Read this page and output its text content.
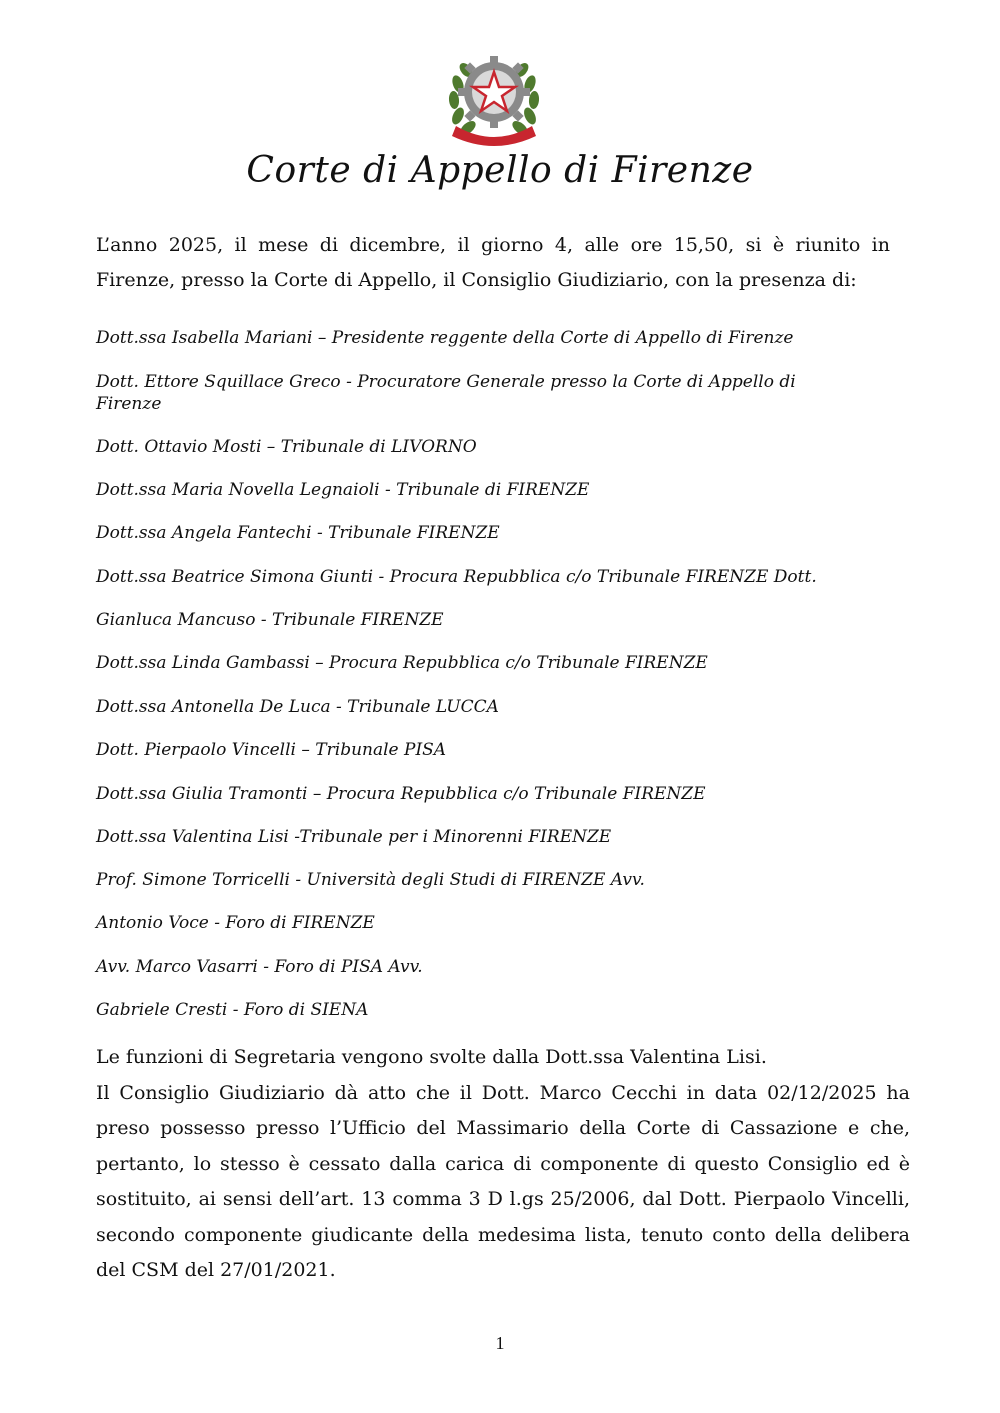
Corte di Appello di Firenze

L’anno 2025, il mese di dicembre, il giorno 4, alle ore 15,50, si è riunito in Firenze, presso la Corte di Appello, il Consiglio Giudiziario, con la presenza di:

Dott.ssa Isabella Mariani – Presidente reggente della Corte di Appello di Firenze
Dott. Ettore Squillace Greco - Procuratore Generale presso la Corte di Appello di Firenze
Dott. Ottavio Mosti – Tribunale di LIVORNO
Dott.ssa Maria Novella Legnaioli - Tribunale di FIRENZE
Dott.ssa Angela Fantechi - Tribunale FIRENZE
Dott.ssa Beatrice Simona Giunti - Procura Repubblica c/o Tribunale FIRENZE Dott.
Gianluca Mancuso - Tribunale FIRENZE
Dott.ssa Linda Gambassi – Procura Repubblica c/o Tribunale FIRENZE
Dott.ssa Antonella De Luca - Tribunale LUCCA
Dott. Pierpaolo Vincelli – Tribunale PISA
Dott.ssa Giulia Tramonti – Procura Repubblica c/o Tribunale FIRENZE
Dott.ssa Valentina Lisi -Tribunale per i Minorenni FIRENZE
Prof. Simone Torricelli - Università degli Studi di FIRENZE Avv.
Antonio Voce - Foro di FIRENZE
Avv. Marco Vasarri - Foro di PISA Avv.
Gabriele Cresti - Foro di SIENA

Le funzioni di Segretaria vengono svolte dalla Dott.ssa Valentina Lisi.

Il Consiglio Giudiziario dà atto che il Dott. Marco Cecchi in data 02/12/2025 ha preso possesso presso l’Ufficio del Massimario della Corte di Cassazione e che, pertanto, lo stesso è cessato dalla carica di componente di questo Consiglio ed è sostituito, ai sensi dell’art. 13 comma 3 D l.gs 25/2006, dal Dott. Pierpaolo Vincelli, secondo componente giudicante della medesima lista, tenuto conto della delibera del CSM del 27/01/2021.

1
